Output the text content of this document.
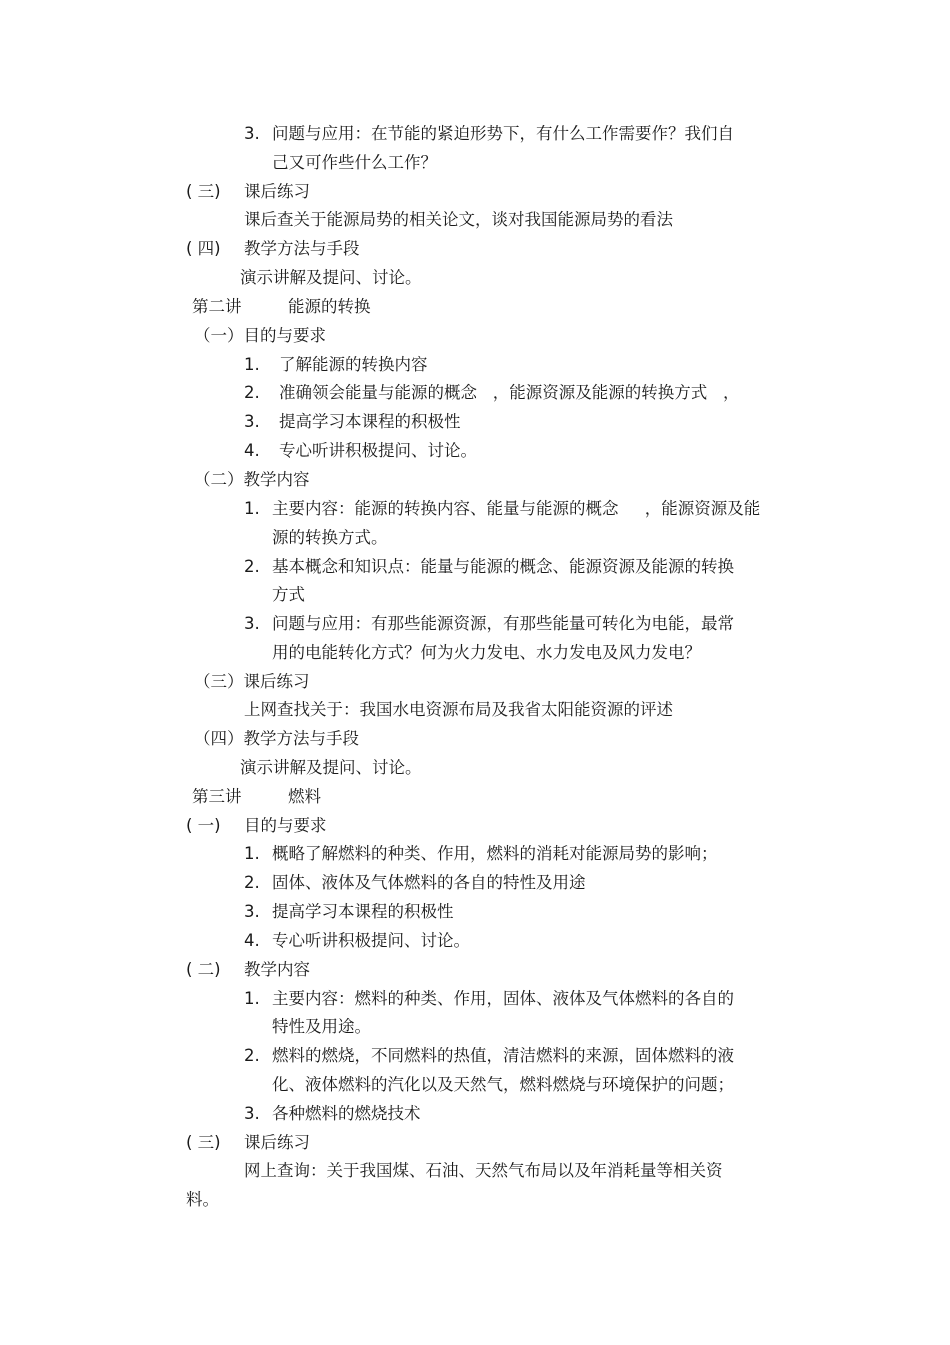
3. 问题与应用：在节能的紧迫形势下，有什么工作需要作？我们自
己又可作些什么工作？
( 三) 课后练习
课后查关于能源局势的相关论文，谈对我国能源局势的看法
( 四) 教学方法与手段
演示讲解及提问、讨论。
第二讲	能源的转换
（一）目的与要求
1. 了解能源的转换内容
2. 准确领会能量与能源的概念   ，能源资源及能源的转换方式   ，
3. 提高学习本课程的积极性
4. 专心听讲积极提问、讨论。
（二）教学内容
1. 主要内容：能源的转换内容、能量与能源的概念     ，能源资源及能
源的转换方式。
2. 基本概念和知识点：能量与能源的概念、能源资源及能源的转换
方式
3. 问题与应用：有那些能源资源，有那些能量可转化为电能，最常
用的电能转化方式？何为火力发电、水力发电及风力发电？
（三）课后练习
上网查找关于：我国水电资源布局及我省太阳能资源的评述
（四）教学方法与手段
演示讲解及提问、讨论。
第三讲	燃料
( 一) 目的与要求
1. 概略了解燃料的种类、作用，燃料的消耗对能源局势的影响；
2. 固体、液体及气体燃料的各自的特性及用途
3. 提高学习本课程的积极性
4. 专心听讲积极提问、讨论。
( 二) 教学内容
1. 主要内容：燃料的种类、作用，固体、液体及气体燃料的各自的
特性及用途。
2. 燃料的燃烧，不同燃料的热值，清洁燃料的来源，固体燃料的液
化、液体燃料的汽化以及天然气，燃料燃烧与环境保护的问题；
3. 各种燃料的燃烧技术
( 三) 课后练习
网上查询：关于我国煤、石油、天然气布局以及年消耗量等相关资
料。
